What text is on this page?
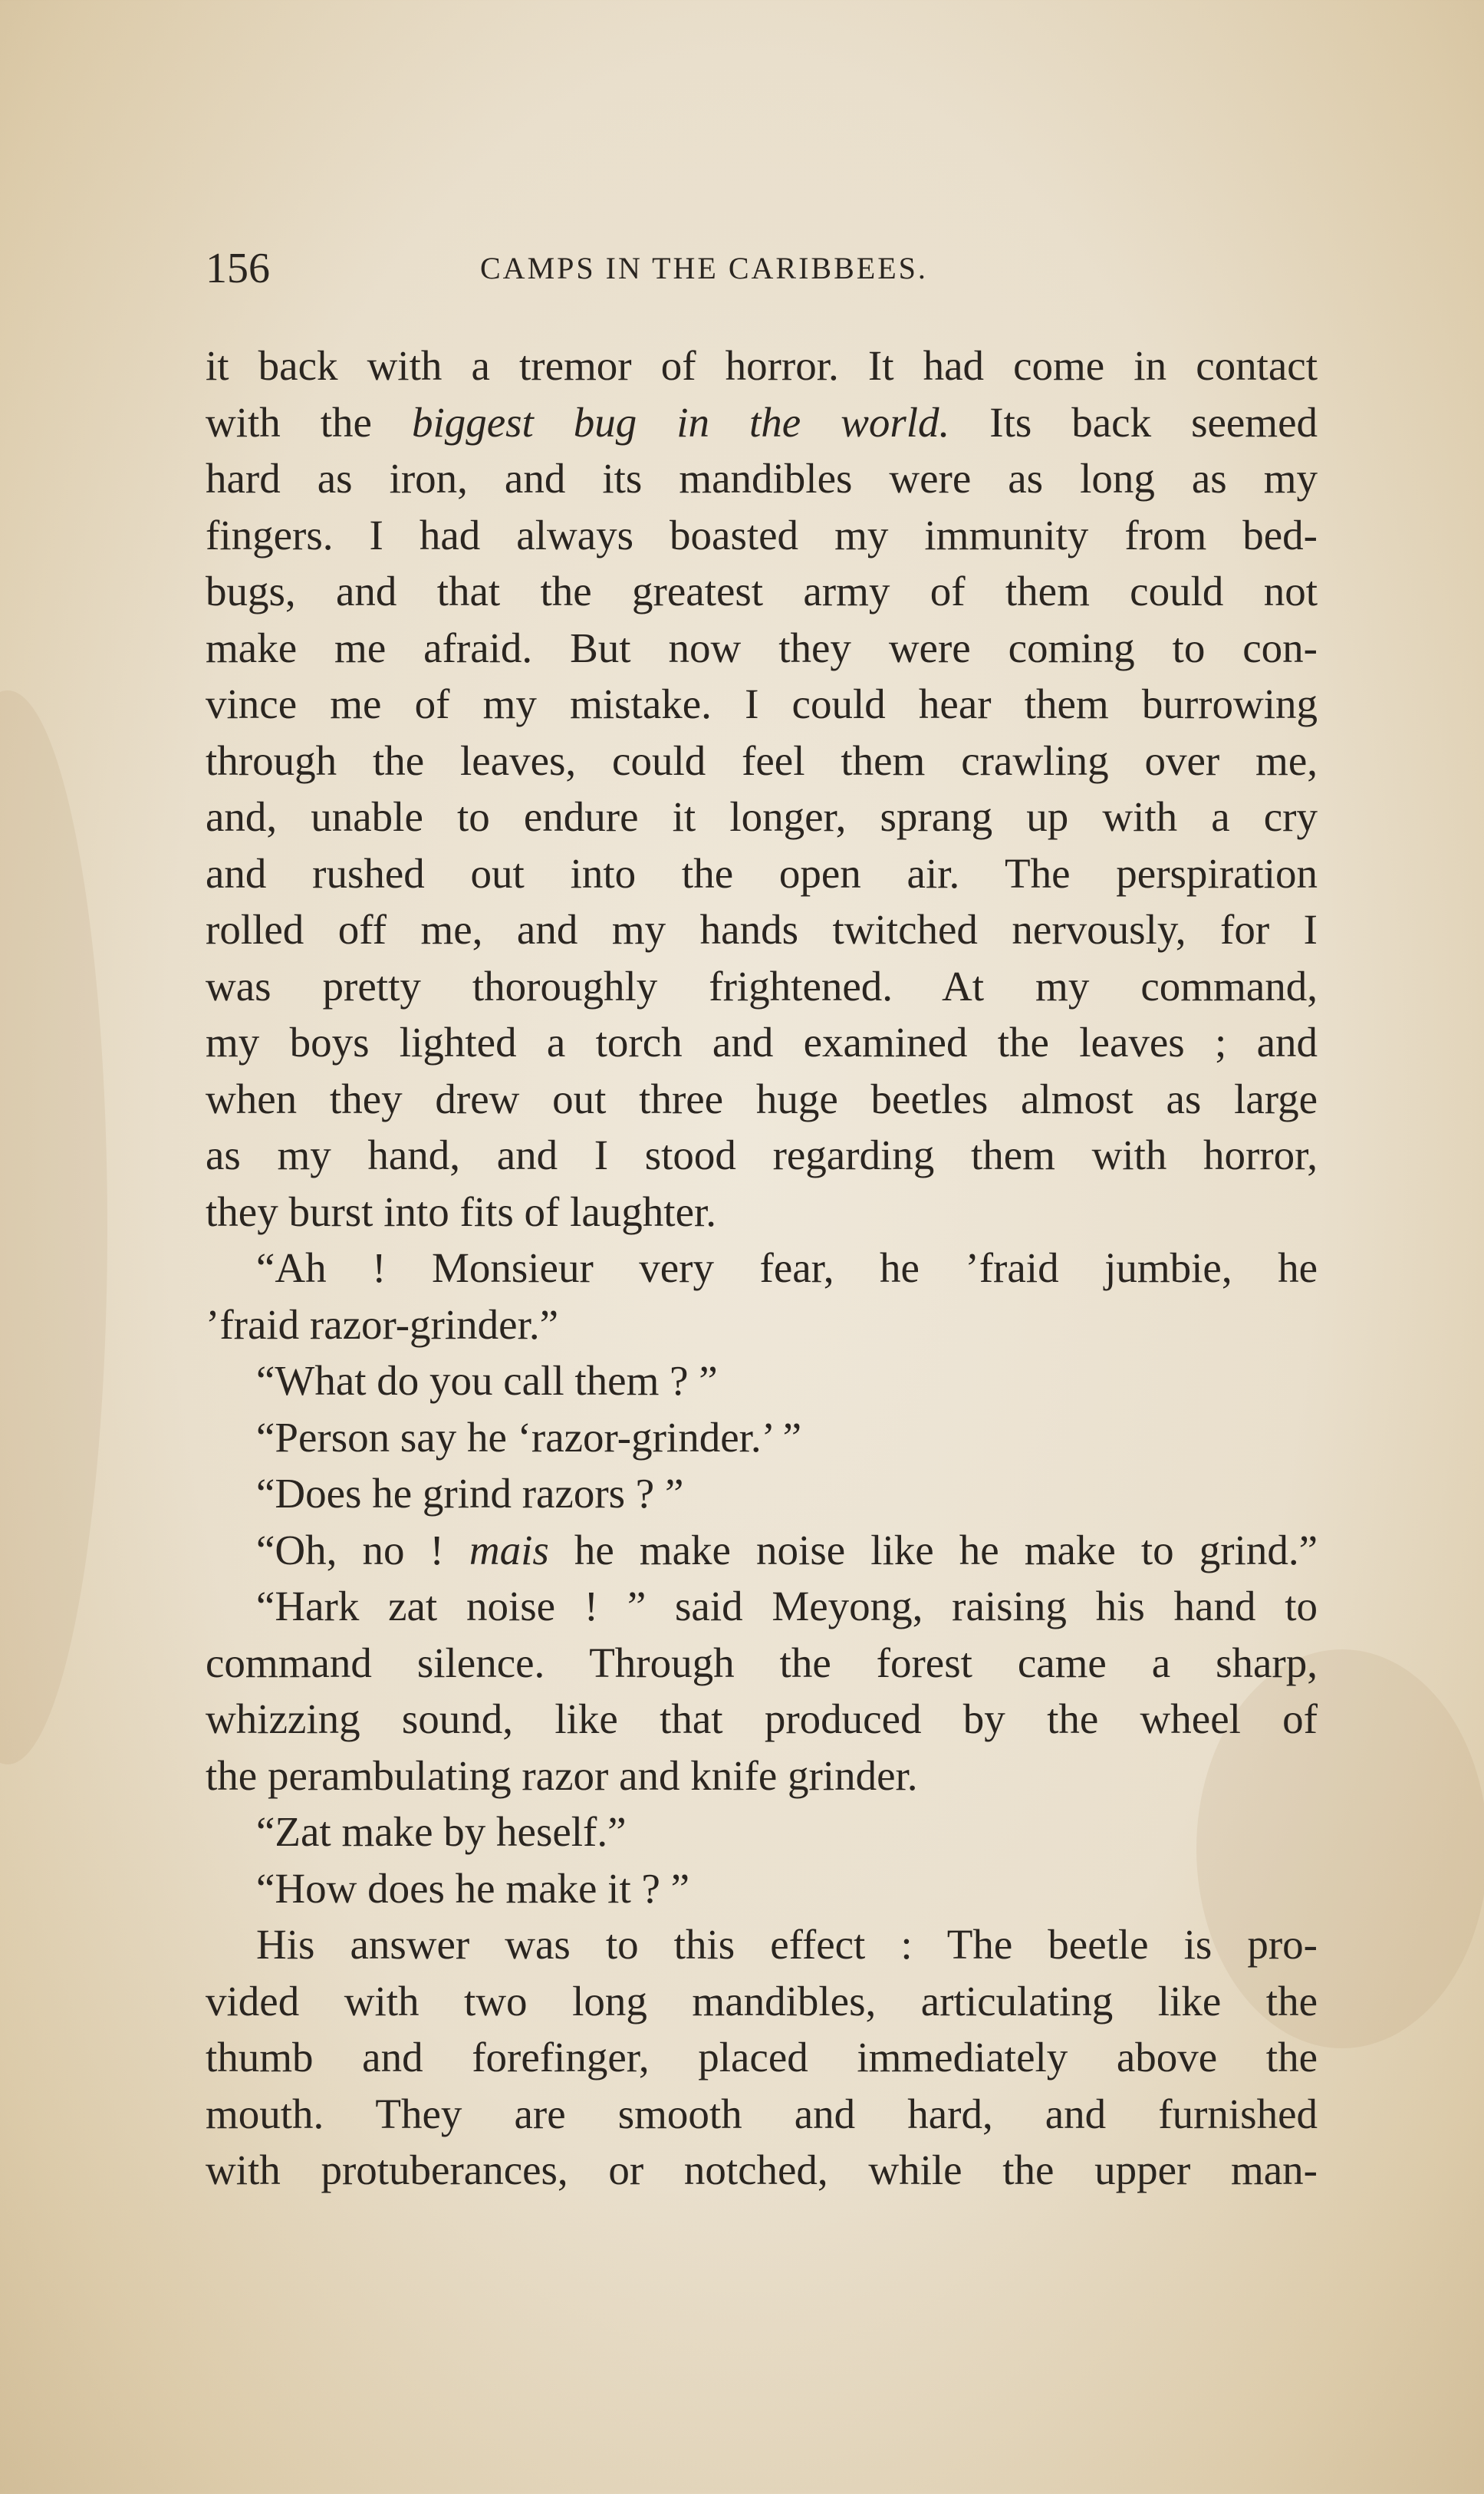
156	CAMPS IN THE CARIBBEES.
it back with a tremor of horror. It had come in contact
with the biggest bug in the world. Its back seemed
hard as iron, and its mandibles were as long as my
fingers. I had always boasted my immunity from bed-
bugs, and that the greatest army of them could not
make me afraid. But now they were coming to con-
vince me of my mistake. I could hear them burrowing
through the leaves, could feel them crawling over me,
and, unable to endure it longer, sprang up with a cry
and rushed out into the open air. The perspiration
rolled off me, and my hands twitched nervously, for I
was pretty thoroughly frightened. At my command,
my boys lighted a torch and examined the leaves ; and
when they drew out three huge beetles almost as large
as my hand, and I stood regarding them with horror,
they burst into fits of laughter.
“Ah ! Monsieur very fear, he ’fraid jumbie, he
’fraid razor-grinder.”
“What do you call them ? ”
“Person say he ‘razor-grinder.’ ”
“Does he grind razors ? ”
“Oh, no ! mais he make noise like he make to grind.”
“Hark zat noise ! ” said Meyong, raising his hand to
command silence. Through the forest came a sharp,
whizzing sound, like that produced by the wheel of
the perambulating razor and knife grinder.
“Zat make by heself.”
“How does he make it ? ”
His answer was to this effect : The beetle is pro-
vided with two long mandibles, articulating like the
thumb and forefinger, placed immediately above the
mouth. They are smooth and hard, and furnished
with protuberances, or notched, while the upper man-
